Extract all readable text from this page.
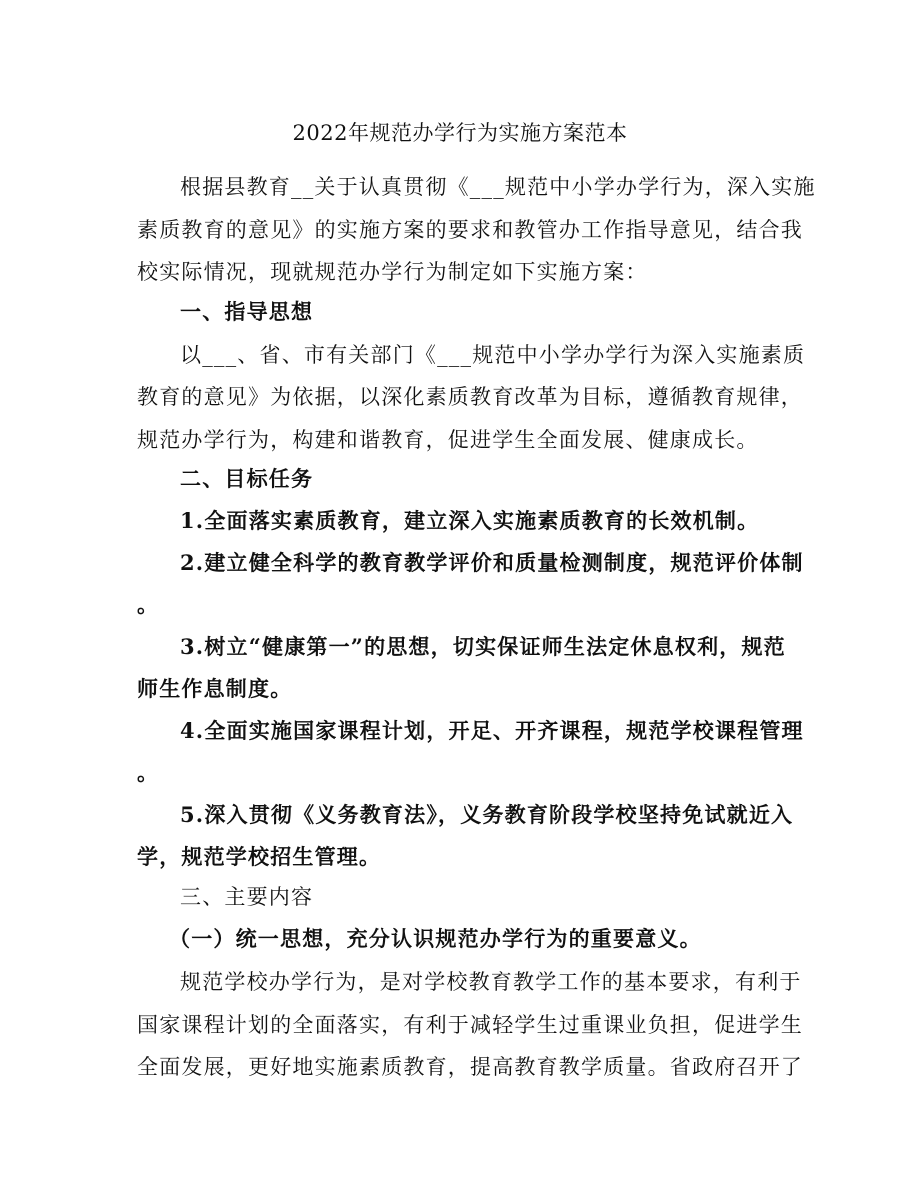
2022年规范办学行为实施方案范本
根据县教育__关于认真贯彻《___规范中小学办学行为，深入实施
素质教育的意见》的实施方案的要求和教管办工作指导意见，结合我
校实际情况，现就规范办学行为制定如下实施方案：
一、指导思想
以___、省、市有关部门《___规范中小学办学行为深入实施素质
教育的意见》为依据，以深化素质教育改革为目标，遵循教育规律，
规范办学行为，构建和谐教育，促进学生全面发展、健康成长。
二、目标任务
1.全面落实素质教育，建立深入实施素质教育的长效机制。
2.建立健全科学的教育教学评价和质量检测制度，规范评价体制
。
3.树立“健康第一”的思想，切实保证师生法定休息权利，规范
师生作息制度。
4.全面实施国家课程计划，开足、开齐课程，规范学校课程管理
。
5.深入贯彻《义务教育法》，义务教育阶段学校坚持免试就近入
学，规范学校招生管理。
三、主要内容
（一）统一思想，充分认识规范办学行为的重要意义。
规范学校办学行为，是对学校教育教学工作的基本要求，有利于
国家课程计划的全面落实，有利于减轻学生过重课业负担，促进学生
全面发展，更好地实施素质教育，提高教育教学质量。省政府召开了
